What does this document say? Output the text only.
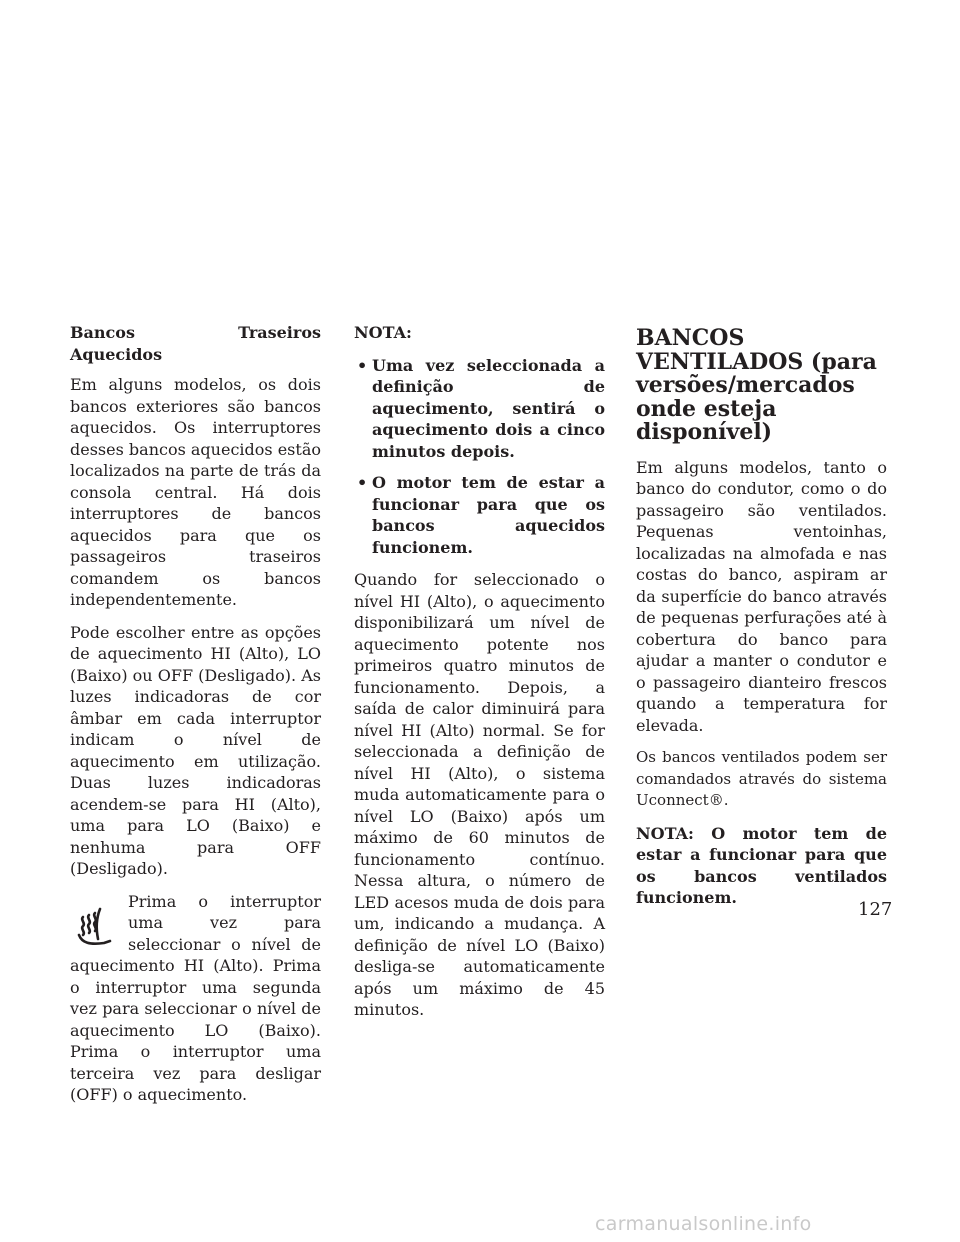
Bancos Traseiros Aquecidos

Em alguns modelos, os dois bancos exteriores são bancos aquecidos. Os interruptores desses bancos aquecidos estão localizados na parte de trás da consola central. Há dois interruptores de bancos aquecidos para que os passageiros traseiros comandem os bancos independentemente.

Pode escolher entre as opções de aquecimento HI (Alto), LO (Baixo) ou OFF (Desligado). As luzes indicadoras de cor âmbar em cada interruptor indicam o nível de aquecimento em utilização. Duas luzes indicadoras acendem-se para HI (Alto), uma para LO (Baixo) e nenhuma para OFF (Desligado).

Prima o interruptor uma vez para seleccionar o nível de aquecimento HI (Alto). Prima o interruptor uma segunda vez para seleccionar o nível de aquecimento LO (Baixo). Prima o interruptor uma terceira vez para desligar (OFF) o aquecimento.

NOTA:

• Uma vez seleccionada a definição de aquecimento, sentirá o aquecimento dois a cinco minutos depois.
• O motor tem de estar a funcionar para que os bancos aquecidos funcionem.

Quando for seleccionado o nível HI (Alto), o aquecimento disponibilizará um nível de aquecimento potente nos primeiros quatro minutos de funcionamento. Depois, a saída de calor diminuirá para nível HI (Alto) normal. Se for seleccionada a definição de nível HI (Alto), o sistema muda automaticamente para o nível LO (Baixo) após um máximo de 60 minutos de funcionamento contínuo. Nessa altura, o número de LED acesos muda de dois para um, indicando a mudança. A definição de nível LO (Baixo) desliga-se automaticamente após um máximo de 45 minutos.

BANCOS VENTILADOS (para versões/mercados onde esteja disponível)

Em alguns modelos, tanto o banco do condutor, como o do passageiro são ventilados. Pequenas ventoinhas, localizadas na almofada e nas costas do banco, aspiram ar da superfície do banco através de pequenas perfurações até à cobertura do banco para ajudar a manter o condutor e o passageiro dianteiro frescos quando a temperatura for elevada.

Os bancos ventilados podem ser comandados através do sistema Uconnect®.

NOTA: O motor tem de estar a funcionar para que os bancos ventilados funcionem.

127
carmanualsonline.info
